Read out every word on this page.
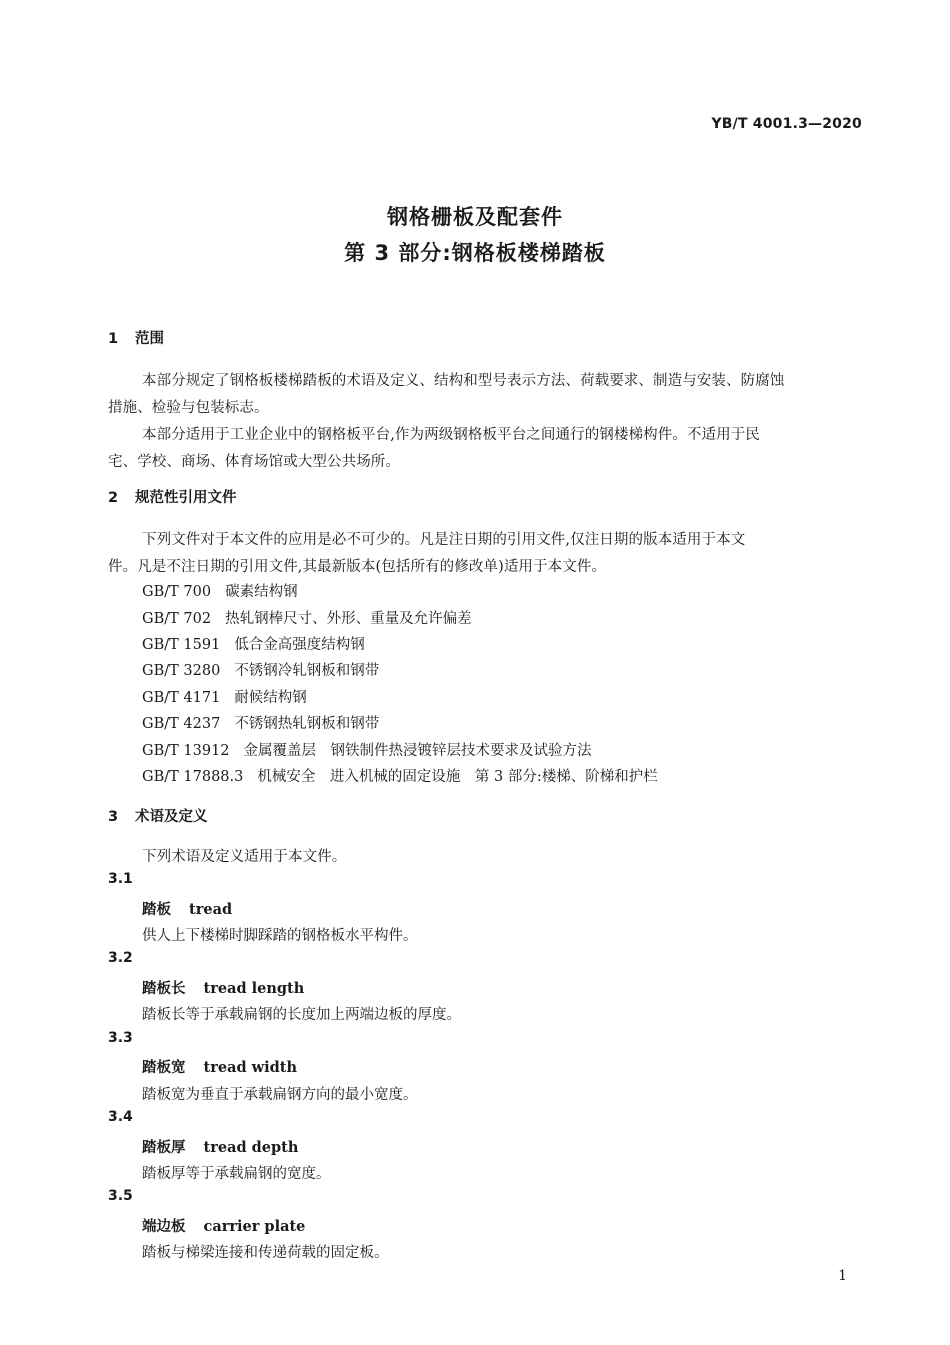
YB/T 4001.3—2020
钢格栅板及配套件
第 3 部分:钢格板楼梯踏板
1 范围
本部分规定了钢格板楼梯踏板的术语及定义、结构和型号表示方法、荷载要求、制造与安装、防腐蚀
措施、检验与包装标志。
本部分适用于工业企业中的钢格板平台,作为两级钢格板平台之间通行的钢楼梯构件。不适用于民
宅、学校、商场、体育场馆或大型公共场所。
2 规范性引用文件
下列文件对于本文件的应用是必不可少的。凡是注日期的引用文件,仅注日期的版本适用于本文
件。凡是不注日期的引用文件,其最新版本(包括所有的修改单)适用于本文件。
GB/T 700 碳素结构钢
GB/T 702 热轧钢棒尺寸、外形、重量及允许偏差
GB/T 1591 低合金高强度结构钢
GB/T 3280 不锈钢冷轧钢板和钢带
GB/T 4171 耐候结构钢
GB/T 4237 不锈钢热轧钢板和钢带
GB/T 13912 金属覆盖层　钢铁制件热浸镀锌层技术要求及试验方法
GB/T 17888.3 机械安全　进入机械的固定设施　第 3 部分:楼梯、阶梯和护栏
3 术语及定义
下列术语及定义适用于本文件。
3.1
踏板 tread
供人上下楼梯时脚踩踏的钢格板水平构件。
3.2
踏板长 tread length
踏板长等于承载扁钢的长度加上两端边板的厚度。
3.3
踏板宽 tread width
踏板宽为垂直于承载扁钢方向的最小宽度。
3.4
踏板厚 tread depth
踏板厚等于承载扁钢的宽度。
3.5
端边板 carrier plate
踏板与梯梁连接和传递荷载的固定板。
1
